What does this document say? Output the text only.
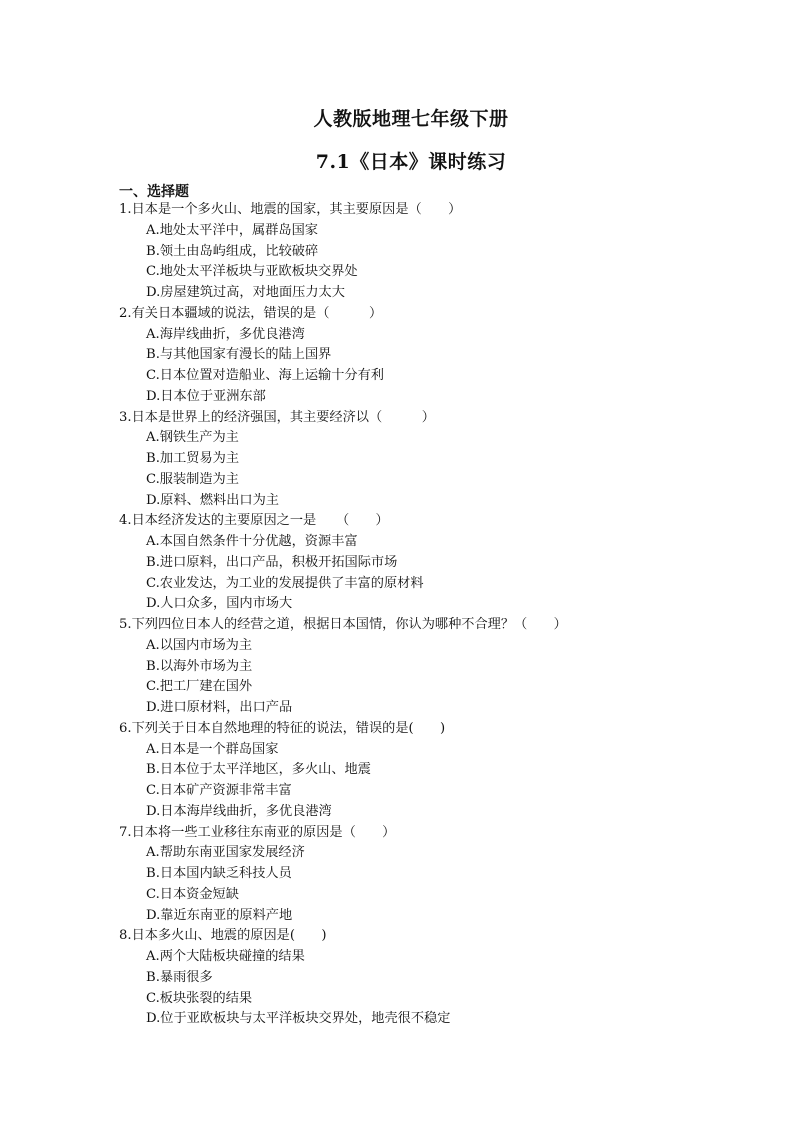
人教版地理七年级下册
7.1《日本》课时练习
一、选择题
1.日本是一个多火山、地震的国家，其主要原因是（　　）
A.地处太平洋中，属群岛国家
B.领土由岛屿组成，比较破碎
C.地处太平洋板块与亚欧板块交界处
D.房屋建筑过高，对地面压力太大
2.有关日本疆域的说法，错误的是（　　　）
A.海岸线曲折，多优良港湾
B.与其他国家有漫长的陆上国界
C.日本位置对造船业、海上运输十分有利
D.日本位于亚洲东部
3.日本是世界上的经济强国，其主要经济以（　　　）
A.钢铁生产为主
B.加工贸易为主
C.服装制造为主
D.原料、燃料出口为主
4.日本经济发达的主要原因之一是　　（　　）
A.本国自然条件十分优越，资源丰富
B.进口原料，出口产品，积极开拓国际市场
C.农业发达，为工业的发展提供了丰富的原材料
D.人口众多，国内市场大
5.下列四位日本人的经营之道，根据日本国情，你认为哪种不合理？（　　）
A.以国内市场为主
B.以海外市场为主
C.把工厂建在国外
D.进口原材料，出口产品
6.下列关于日本自然地理的特征的说法，错误的是(　　)
A.日本是一个群岛国家
B.日本位于太平洋地区，多火山、地震
C.日本矿产资源非常丰富
D.日本海岸线曲折，多优良港湾
7.日本将一些工业移往东南亚的原因是（　　）
A.帮助东南亚国家发展经济
B.日本国内缺乏科技人员
C.日本资金短缺
D.靠近东南亚的原料产地
8.日本多火山、地震的原因是(　　)
A.两个大陆板块碰撞的结果
B.暴雨很多
C.板块张裂的结果
D.位于亚欧板块与太平洋板块交界处，地壳很不稳定
